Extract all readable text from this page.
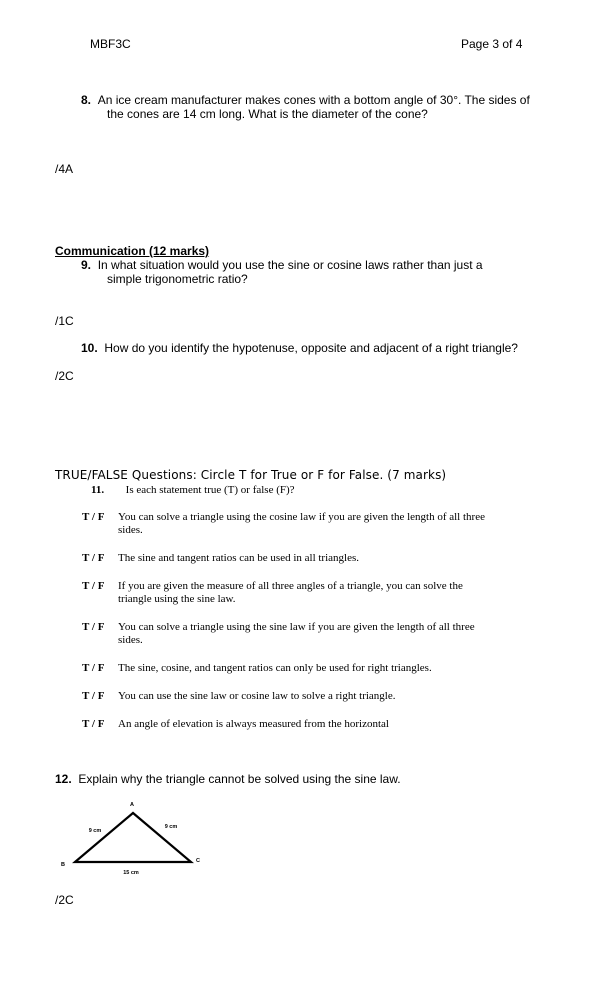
MBF3C	Page 3 of 4
8. An ice cream manufacturer makes cones with a bottom angle of 30°. The sides of
the cones are 14 cm long. What is the diameter of the cone?
/4A
Communication (12 marks)
9. In what situation would you use the sine or cosine laws rather than just a
simple trigonometric ratio?
/1C
10. How do you identify the hypotenuse, opposite and adjacent of a right triangle?
/2C
TRUE/FALSE Questions: Circle T for True or F for False. (7 marks)
11. Is each statement true (T) or false (F)?
T / F	You can solve a triangle using the cosine law if you are given the length of all three sides.
T / F	The sine and tangent ratios can be used in all triangles.
T / F	If you are given the measure of all three angles of a triangle, you can solve the triangle using the sine law.
T / F	You can solve a triangle using the sine law if you are given the length of all three sides.
T / F	The sine, cosine, and tangent ratios can only be used for right triangles.
T / F	You can use the sine law or cosine law to solve a right triangle.
T / F	An angle of elevation is always measured from the horizontal
12. Explain why the triangle cannot be solved using the sine law.
A
B
C
9 cm
9 cm
15 cm
/2C
